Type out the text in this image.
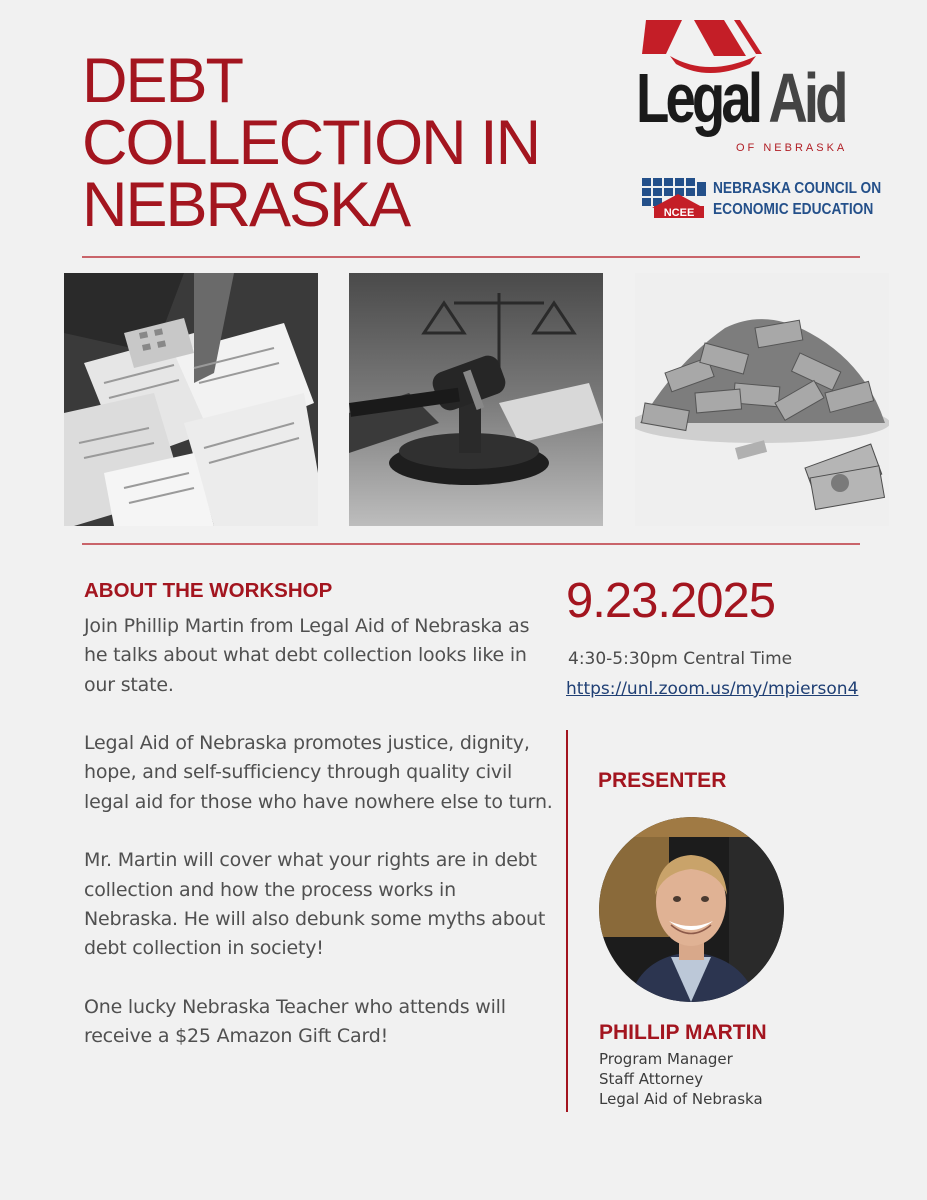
DEBT
COLLECTION IN
NEBRASKA
Legal Aid
OF NEBRASKA
NCEE
NEBRASKA COUNCIL ON
ECONOMIC EDUCATION
ABOUT THE WORKSHOP

Join Phillip Martin from Legal Aid of Nebraska as he talks about what debt collection looks like in our state.

Legal Aid of Nebraska promotes justice, dignity, hope, and self-sufficiency through quality civil legal aid for those who have nowhere else to turn.

Mr. Martin will cover what your rights are in debt collection and how the process works in Nebraska. He will also debunk some myths about debt collection in society!

One lucky Nebraska Teacher who attends will receive a $25 Amazon Gift Card!

9.23.2025
4:30-5:30pm Central Time
https://unl.zoom.us/my/mpierson4
PRESENTER
PHILLIP MARTIN
Program Manager
Staff Attorney
Legal Aid of Nebraska
